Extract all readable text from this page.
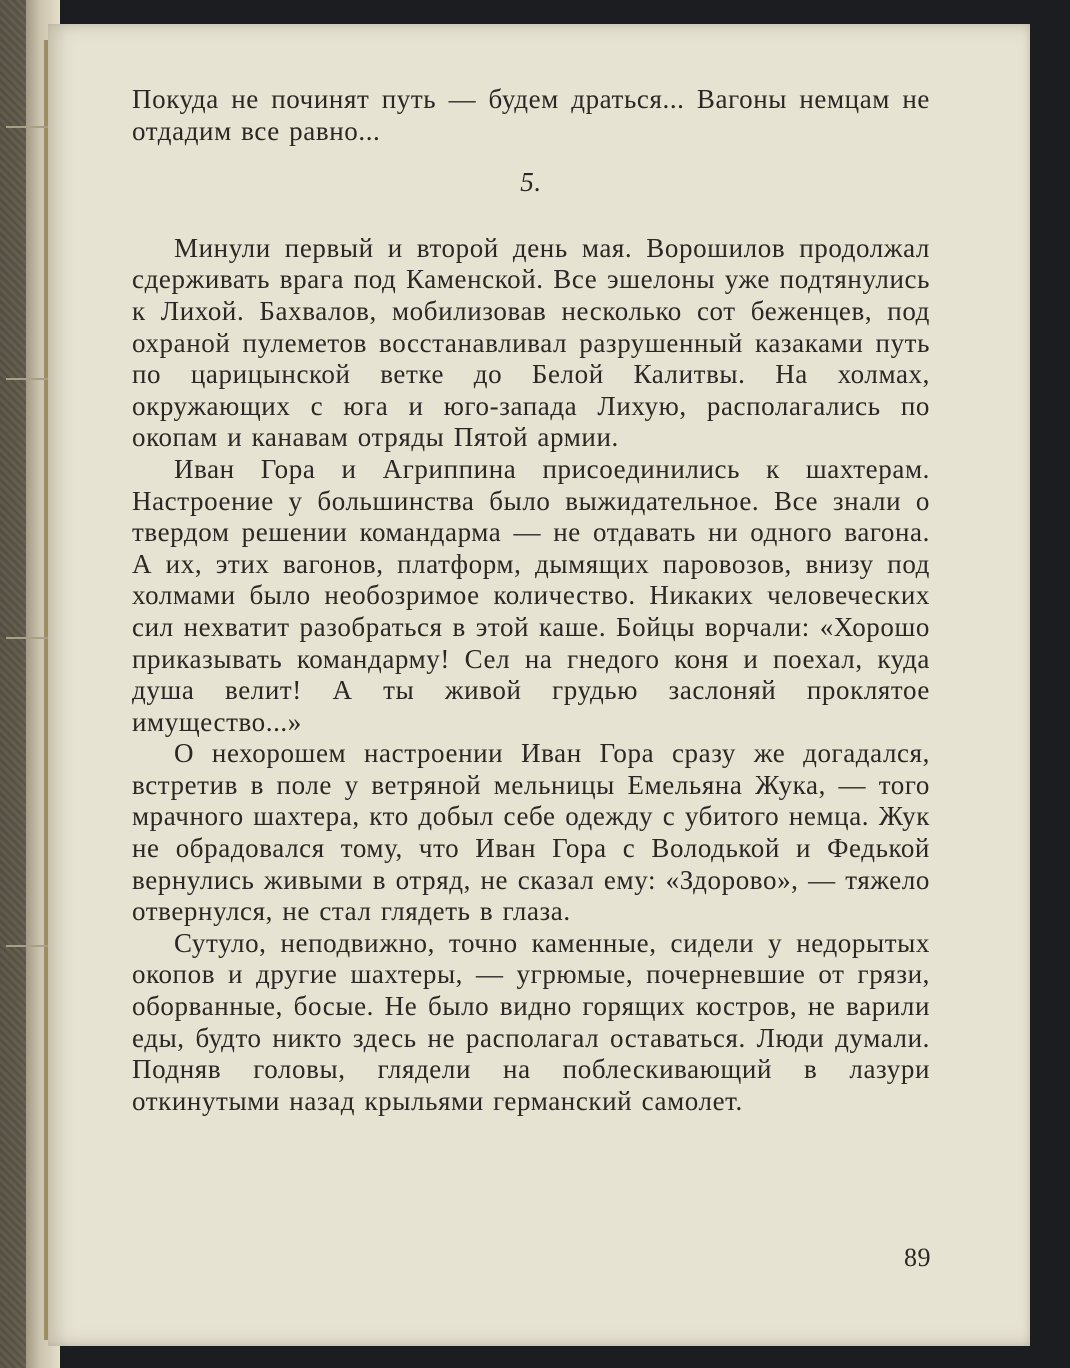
Покуда не починят путь — будем драться... Вагоны немцам не отдадим все равно...

5.

Минули первый и второй день мая. Ворошилов продолжал сдерживать врага под Каменской. Все эшелоны уже подтянулись к Лихой. Бахвалов, мобилизовав несколько сот беженцев, под охраной пулеметов восстанавливал разрушенный казаками путь по царицынской ветке до Белой Калитвы. На холмах, окружающих с юга и юго-запада Лихую, располагались по окопам и канавам отряды Пятой армии.

Иван Гора и Агриппина присоединились к шахтерам. Настроение у большинства было выжидательное. Все знали о твердом решении командарма — не отдавать ни одного вагона. А их, этих вагонов, платформ, дымящих паровозов, внизу под холмами было необозримое количество. Никаких человеческих сил нехватит разобраться в этой каше. Бойцы ворчали: «Хорошо приказывать командарму! Сел на гнедого коня и поехал, куда душа велит! А ты живой грудью заслоняй проклятое имущество...»

О нехорошем настроении Иван Гора сразу же догадался, встретив в поле у ветряной мельницы Емельяна Жука, — того мрачного шахтера, кто добыл себе одежду с убитого немца. Жук не обрадовался тому, что Иван Гора с Володькой и Федькой вернулись живыми в отряд, не сказал ему: «Здорово», — тяжело отвернулся, не стал глядеть в глаза.

Сутуло, неподвижно, точно каменные, сидели у недорытых окопов и другие шахтеры, — угрюмые, почерневшие от грязи, оборванные, босые. Не было видно горящих костров, не варили еды, будто никто здесь не располагал оставаться. Люди думали. Подняв головы, глядели на поблескивающий в лазури откинутыми назад крыльями германский самолет.

89
